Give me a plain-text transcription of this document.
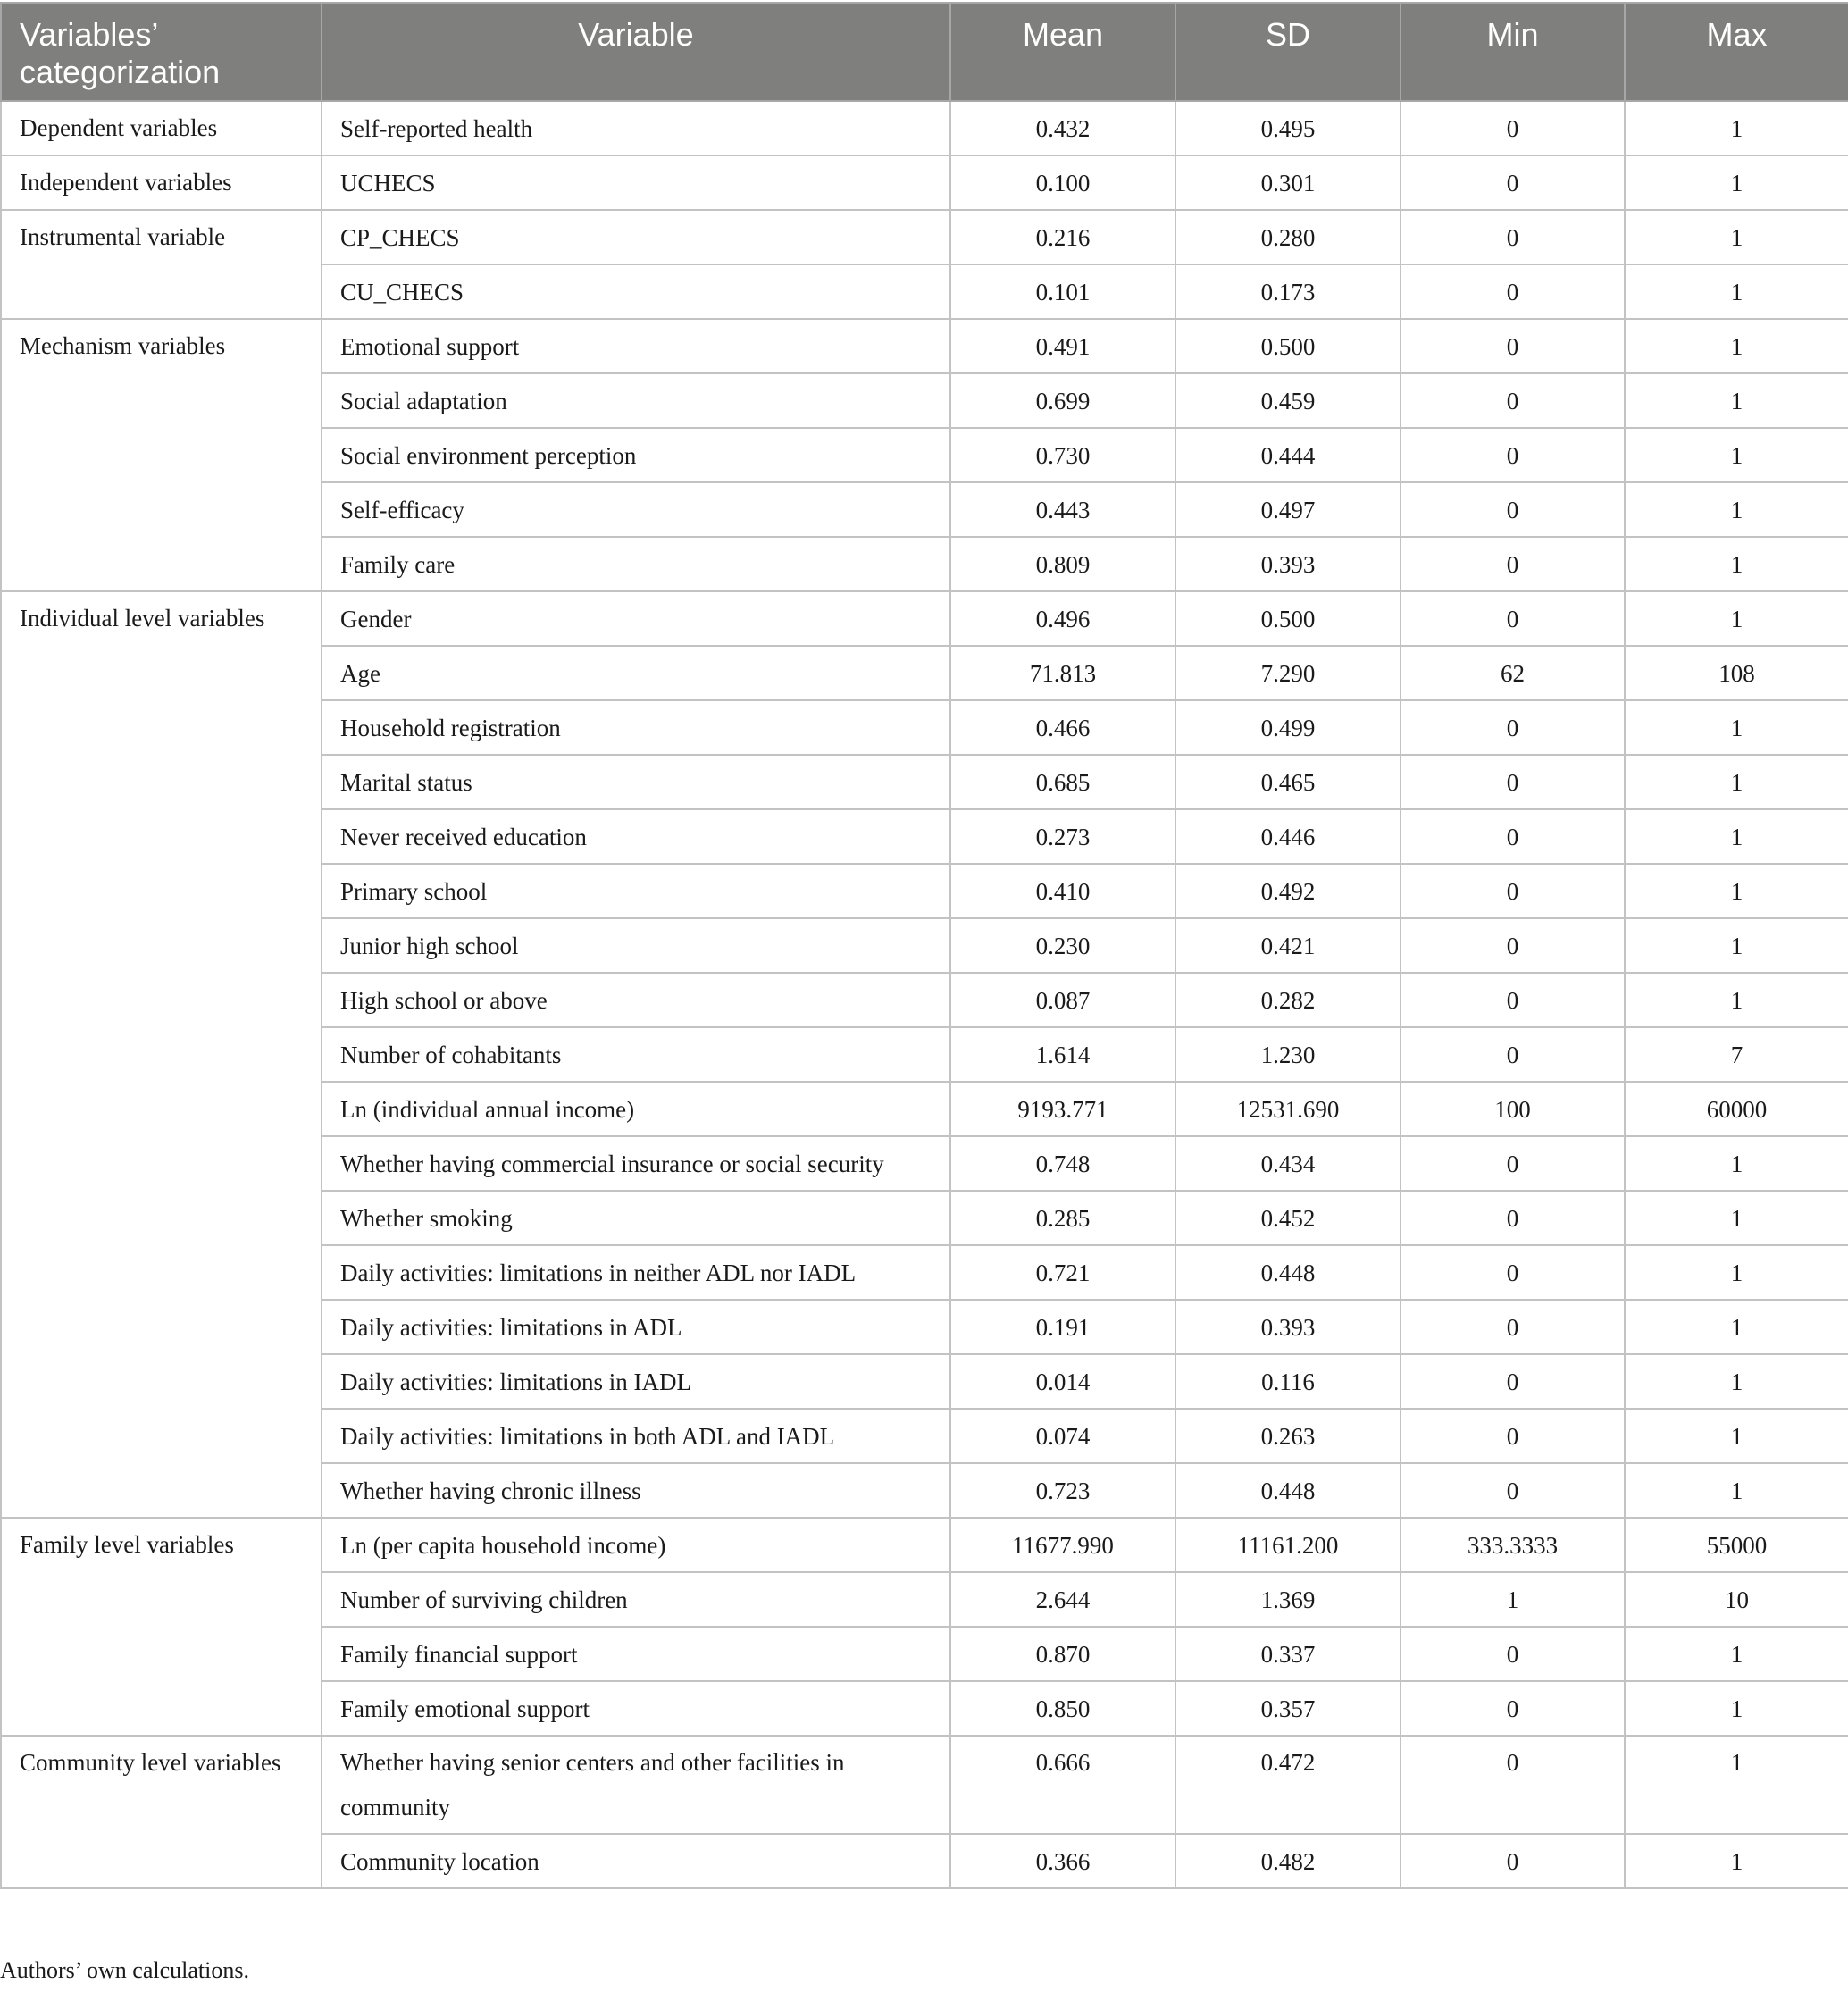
Variables’ categorization	Variable	Mean	SD	Min	Max
Dependent variables	Self-reported health	0.432	0.495	0	1
Independent variables	UCHECS	0.100	0.301	0	1
Instrumental variable	CP_CHECS	0.216	0.280	0	1
	CU_CHECS	0.101	0.173	0	1
Mechanism variables	Emotional support	0.491	0.500	0	1
	Social adaptation	0.699	0.459	0	1
	Social environment perception	0.730	0.444	0	1
	Self-efficacy	0.443	0.497	0	1
	Family care	0.809	0.393	0	1
Individual level variables	Gender	0.496	0.500	0	1
	Age	71.813	7.290	62	108
	Household registration	0.466	0.499	0	1
	Marital status	0.685	0.465	0	1
	Never received education	0.273	0.446	0	1
	Primary school	0.410	0.492	0	1
	Junior high school	0.230	0.421	0	1
	High school or above	0.087	0.282	0	1
	Number of cohabitants	1.614	1.230	0	7
	Ln (individual annual income)	9193.771	12531.690	100	60000
	Whether having commercial insurance or social security	0.748	0.434	0	1
	Whether smoking	0.285	0.452	0	1
	Daily activities: limitations in neither ADL nor IADL	0.721	0.448	0	1
	Daily activities: limitations in ADL	0.191	0.393	0	1
	Daily activities: limitations in IADL	0.014	0.116	0	1
	Daily activities: limitations in both ADL and IADL	0.074	0.263	0	1
	Whether having chronic illness	0.723	0.448	0	1
Family level variables	Ln (per capita household income)	11677.990	11161.200	333.3333	55000
	Number of surviving children	2.644	1.369	1	10
	Family financial support	0.870	0.337	0	1
	Family emotional support	0.850	0.357	0	1
Community level variables	Whether having senior centers and other facilities in community	0.666	0.472	0	1
	Community location	0.366	0.482	0	1
Authors’ own calculations.
